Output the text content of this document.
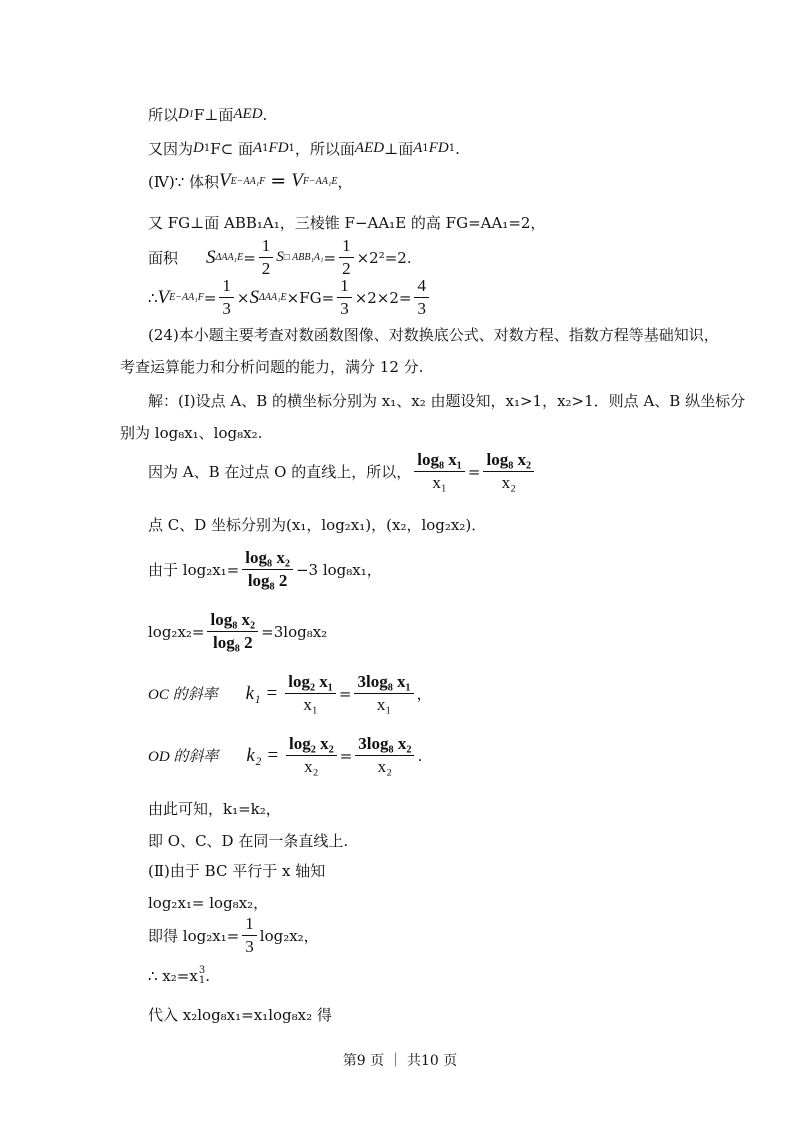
所以 D 1 F⊥面 AED .
又因为 D 1 F⊂ 面 A 1 FD 1 ，所以面 AED ⊥面 A 1 FD 1 .
(Ⅳ)∵ 体积 V E−AA₁F = V F−AA₁E ，
又 FG⊥面 ABB₁A₁，三棱锥 F−AA₁E 的高 FG=AA₁=2，
面积 S $\Delta AA_1E = \frac{1}{2}$ S □ $ABB_1A_1 = \frac{1}{2} \times 2^2=2$.
∴ V $E-AA_1F = \frac{1}{3} \times S$ $\Delta AA_1E \times FG= \frac{1}{3} \times 2\times 2= \frac{4}{3}$
(24)本小题主要考查对数函数图像、对数换底公式、对数方程、指数方程等基础知识，
考查运算能力和分析问题的能力，满分 12 分.
解：(Ⅰ)设点 A、B 的横坐标分别为 x₁、x₂ 由题设知，x₁>1，x₂>1．则点 A、B 纵坐标分
别为 log₈x₁、log₈x₂.
因为 A、B 在过点 O 的直线上，所以， $\frac{\text{log₈ x₁}}{\text{x₁}} = \frac{\text{log₈ x₂}}{\text{x₂}}$
点 C、D 坐标分别为(x₁，log₂x₁)，(x₂，log₂x₂)．
由于 $\log_2x_1= \frac{\text{log₈ x₂}}{\text{log₈ 2}} -3$ log₈x₁，
$\log_2x_2= \frac{\text{log₈ x₂}}{\text{log₈ 2}} =3\log_8x_2$
OC 的斜率 $k_1 = \frac{\text{log₂ x₁}}{\text{x₁}} = \frac{\text{3log₈ x₁}}{\text{x₁}}$ ，
OD 的斜率 $k_2 = \frac{\text{log₂ x₂}}{\text{x₂}} = \frac{\text{3log₈ x₂}}{\text{x₂}}$ .
由此可知，k₁=k₂，
即 O、C、D 在同一条直线上.
(Ⅱ)由于 BC 平行于 x 轴知
log₂x₁= log₈x₂，
即得 $\log_2x_1= \frac{1}{3} \log_2x_2$，
∴ x₂=x 3
1 .
代入 x₂log₈x₁=x₁log₈x₂ 得
第9 页 ｜ 共10 页
